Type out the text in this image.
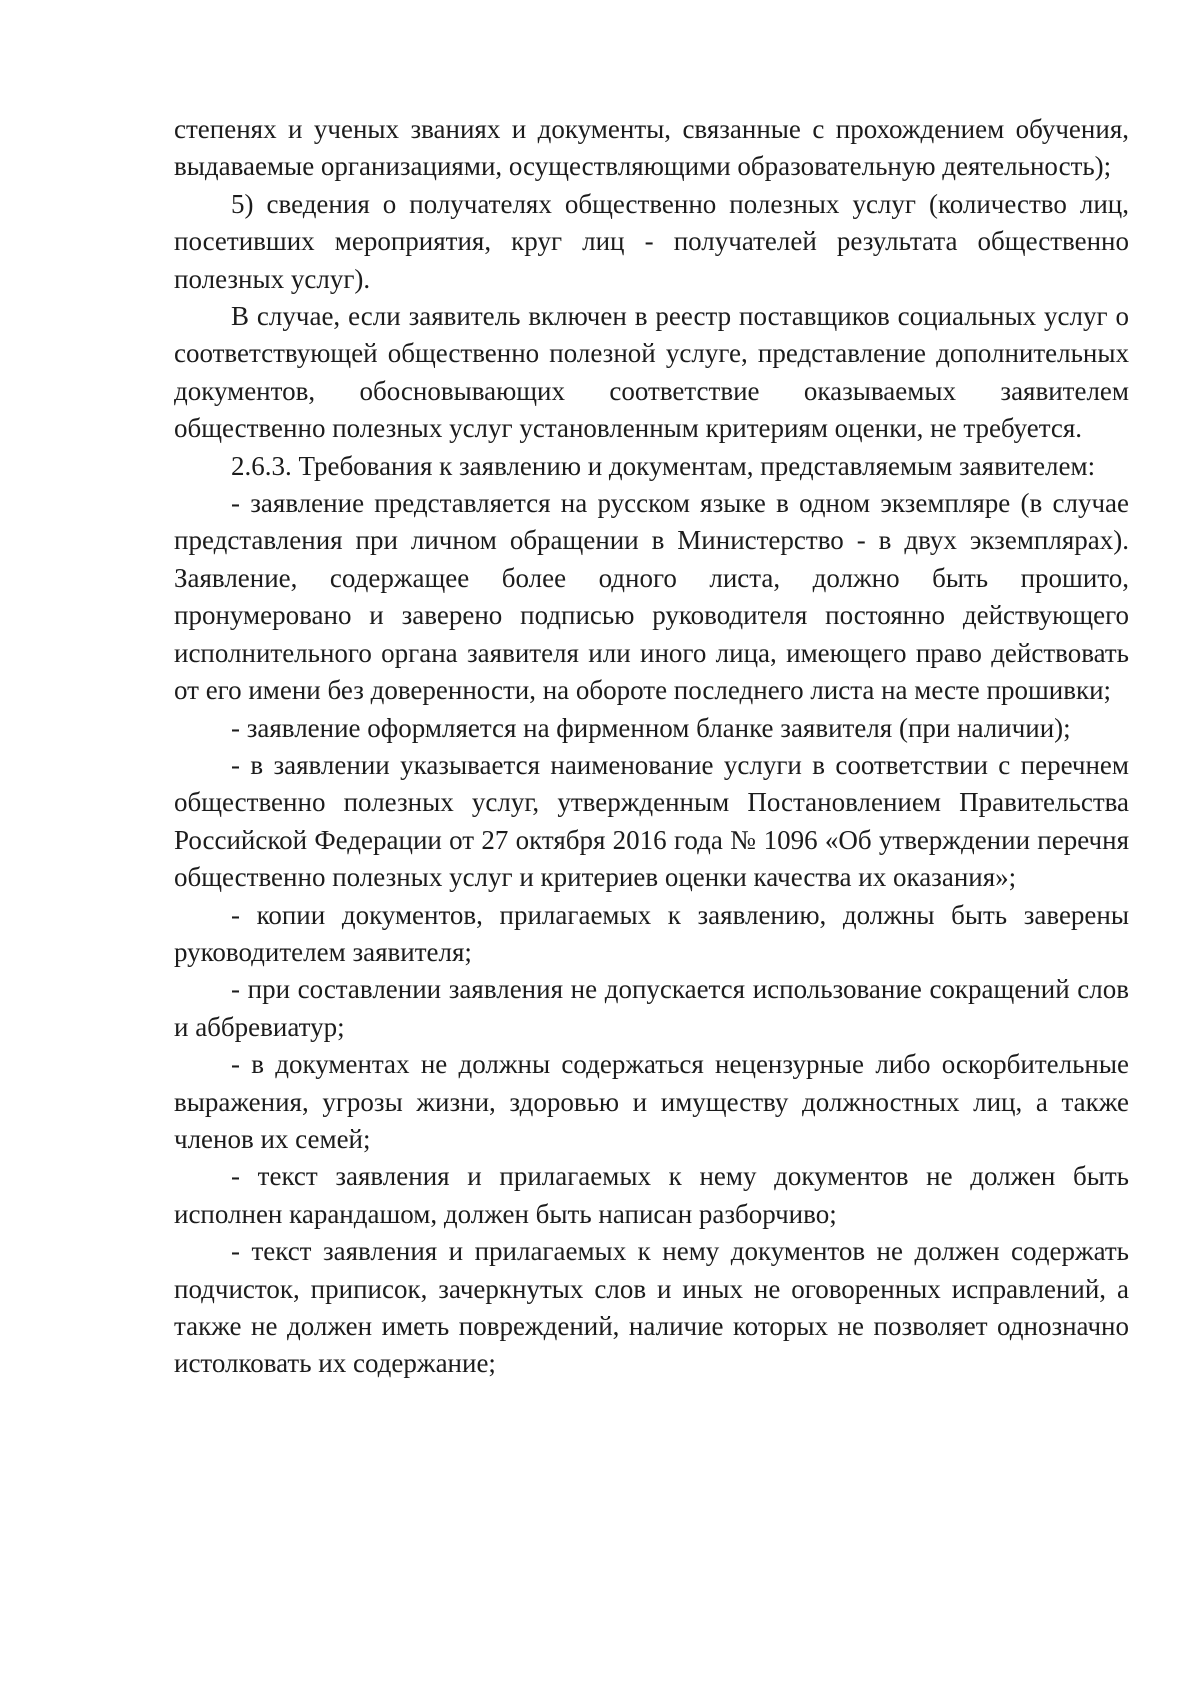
степенях и ученых званиях и документы, связанные с прохождением обучения, выдаваемые организациями, осуществляющими образовательную деятельность);

5) сведения о получателях общественно полезных услуг (количество лиц, посетивших мероприятия, круг лиц - получателей результата общественно полезных услуг).

В случае, если заявитель включен в реестр поставщиков социальных услуг о соответствующей общественно полезной услуге, представление дополнительных документов, обосновывающих соответствие оказываемых заявителем общественно полезных услуг установленным критериям оценки, не требуется.

2.6.3. Требования к заявлению и документам, представляемым заявителем:

- заявление представляется на русском языке в одном экземпляре (в случае представления при личном обращении в Министерство - в двух экземплярах). Заявление, содержащее более одного листа, должно быть прошито, пронумеровано и заверено подписью руководителя постоянно действующего исполнительного органа заявителя или иного лица, имеющего право действовать от его имени без доверенности, на обороте последнего листа на месте прошивки;

- заявление оформляется на фирменном бланке заявителя (при наличии);

- в заявлении указывается наименование услуги в соответствии с перечнем общественно полезных услуг, утвержденным Постановлением Правительства Российской Федерации от 27 октября 2016 года № 1096 «Об утверждении перечня общественно полезных услуг и критериев оценки качества их оказания»;

- копии документов, прилагаемых к заявлению, должны быть заверены руководителем заявителя;

- при составлении заявления не допускается использование сокращений слов и аббревиатур;

- в документах не должны содержаться нецензурные либо оскорбительные выражения, угрозы жизни, здоровью и имуществу должностных лиц, а также членов их семей;

- текст заявления и прилагаемых к нему документов не должен быть исполнен карандашом, должен быть написан разборчиво;

- текст заявления и прилагаемых к нему документов не должен содержать подчисток, приписок, зачеркнутых слов и иных не оговоренных исправлений, а также не должен иметь повреждений, наличие которых не позволяет однозначно истолковать их содержание;
